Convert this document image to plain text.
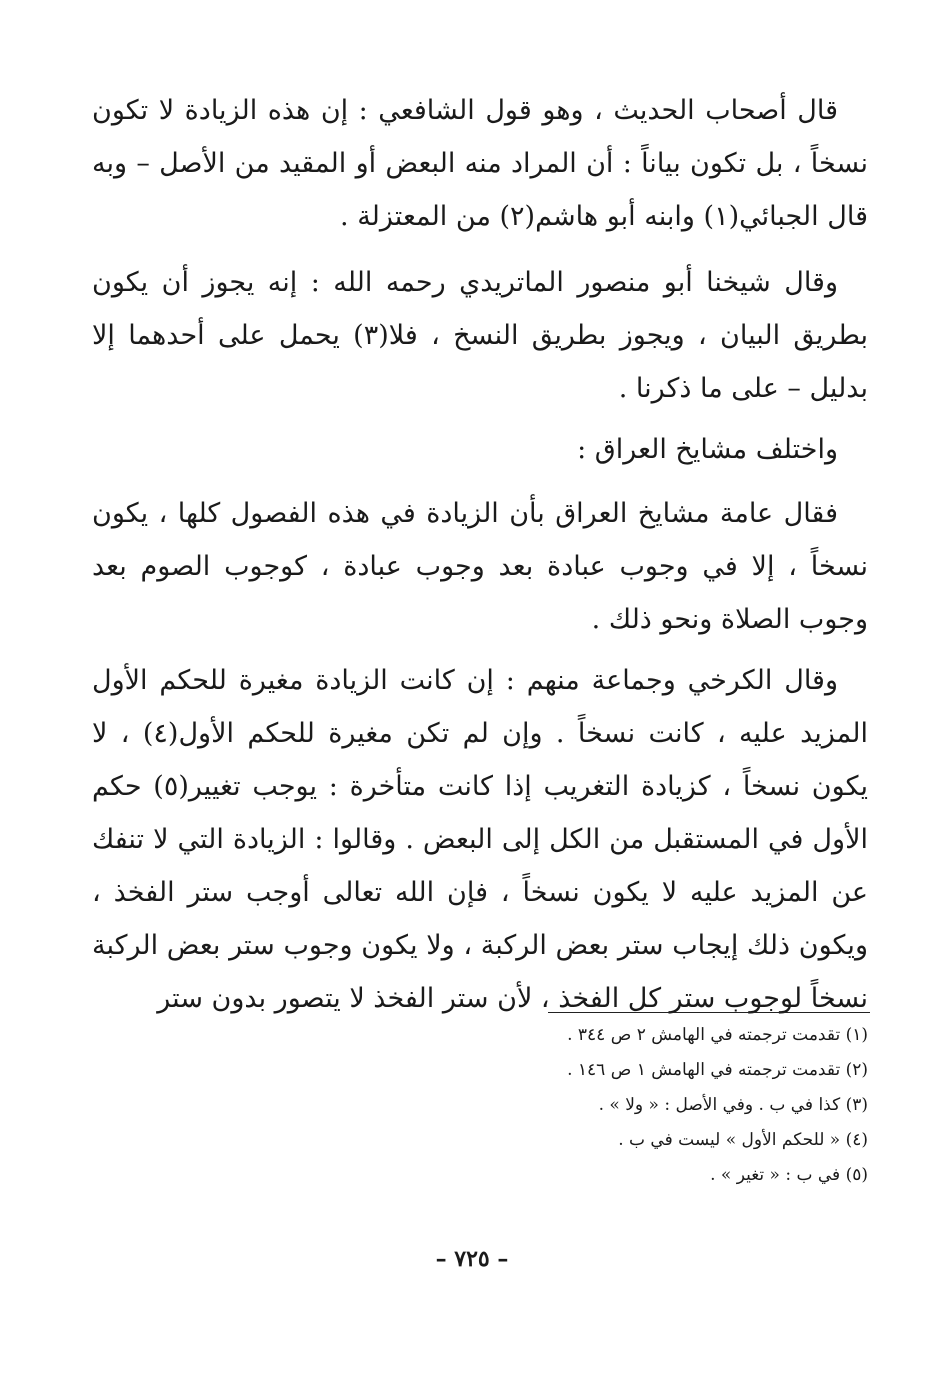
قال أصحاب الحديث ، وهو قول الشافعي : إن هذه الزيادة لا تكون نسخاً ، بل تكون بياناً : أن المراد منه البعض أو المقيد من الأصل – وبه قال الجبائي(١) وابنه أبو هاشم(٢) من المعتزلة .

وقال شيخنا أبو منصور الماتريدي رحمه الله : إنه يجوز أن يكون بطريق البيان ، ويجوز بطريق النسخ ، فلا(٣) يحمل على أحدهما إلا بدليل – على ما ذكرنا .

واختلف مشايخ العراق :

فقال عامة مشايخ العراق بأن الزيادة في هذه الفصول كلها ، يكون نسخاً ، إلا في وجوب عبادة بعد وجوب عبادة ، كوجوب الصوم بعد وجوب الصلاة ونحو ذلك .

وقال الكرخي وجماعة منهم : إن كانت الزيادة مغيرة للحكم الأول المزيد عليه ، كانت نسخاً . وإن لم تكن مغيرة للحكم الأول(٤) ، لا يكون نسخاً ، كزيادة التغريب إذا كانت متأخرة : يوجب تغيير(٥) حكم الأول في المستقبل من الكل إلى البعض . وقالوا : الزيادة التي لا تنفك عن المزيد عليه لا يكون نسخاً ، فإن الله تعالى أوجب ستر الفخذ ، ويكون ذلك إيجاب ستر بعض الركبة ، ولا يكون وجوب ستر بعض الركبة نسخاً لوجوب ستر كل الفخذ ، لأن ستر الفخذ لا يتصور بدون ستر

(١) تقدمت ترجمته في الهامش ٢ ص ٣٤٤ .
(٢) تقدمت ترجمته في الهامش ١ ص ١٤٦ .
(٣) كذا في ب . وفي الأصل : « ولا » .
(٤) « للحكم الأول » ليست في ب .
(٥) في ب : « تغير » .
– ٧٢٥ –
